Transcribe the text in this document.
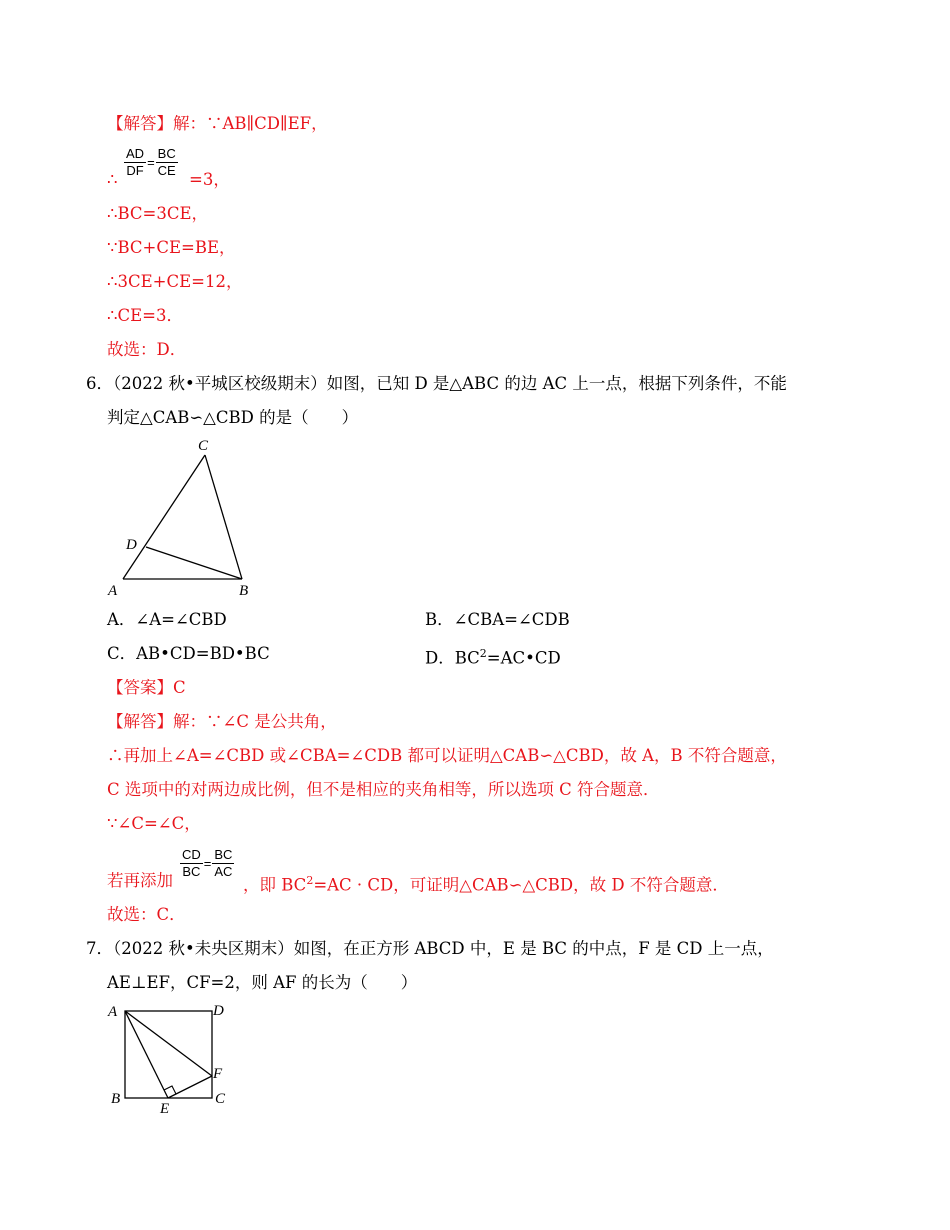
【解答】解：∵AB∥CD∥EF，
$\frac{AD}{DF} = \frac{BC}{CE}$
∴	=3，
∴BC=3CE，
∵BC+CE=BE，
∴3CE+CE=12，
∴CE=3．
故选：D．
6．（2022 秋•平城区校级期末）如图，已知 D 是△ABC 的边 AC 上一点，根据下列条件，不能
判定△CAB∽△CBD 的是（　　）
C
D
A	B
A．∠A=∠CBD	B．∠CBA=∠CDB
C．AB•CD=BD•BC	D．$BC^2=AC•CD$
【答案】C
【解答】解：∵∠C 是公共角，
∴再加上∠A=∠CBD 或∠CBA=∠CDB 都可以证明△CAB∽△CBD，故 A，B 不符合题意，
C 选项中的对两边成比例，但不是相应的夹角相等，所以选项 C 符合题意．
∵∠C=∠C，
$\frac{CD}{BC} = \frac{BC}{AC}$
若再添加	，即 $BC^2=AC$ · CD，可证明△CAB∽△CBD，故 D 不符合题意．
故选：C．
7．（2022 秋•未央区期末）如图，在正方形 ABCD 中，E 是 BC 的中点，F 是 CD 上一点，
AE⊥EF，CF=2，则 AF 的长为（　　）
A	D
F
B
E
C
